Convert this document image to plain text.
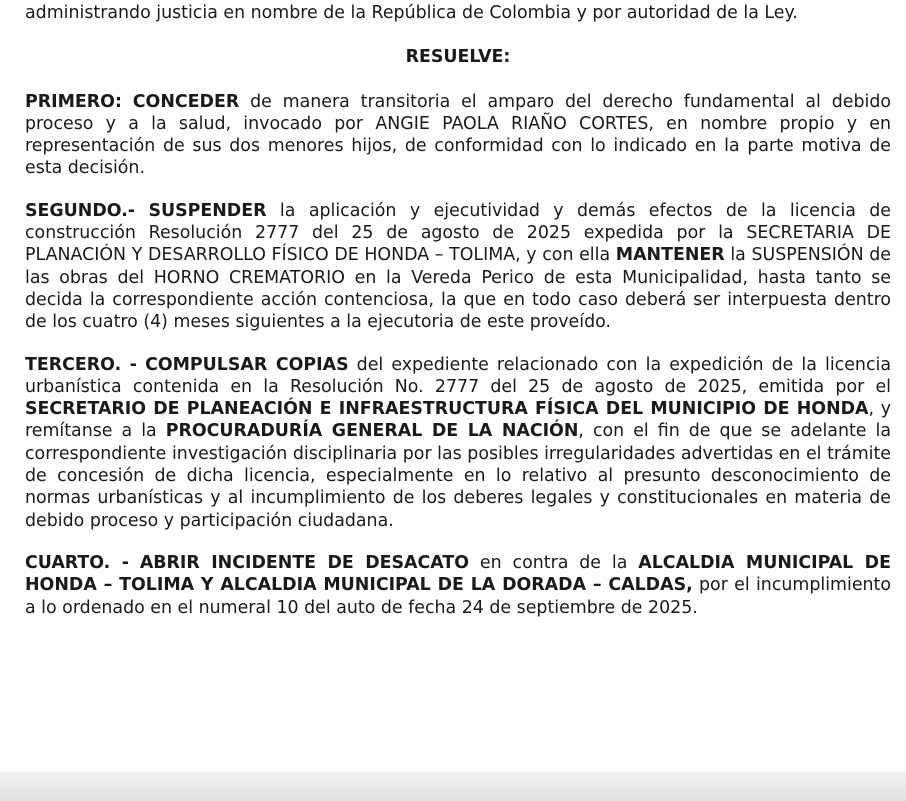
administrando justicia en nombre de la República de Colombia y por autoridad de la Ley.

RESUELVE:

PRIMERO: CONCEDER de manera transitoria el amparo del derecho fundamental al debido proceso y a la salud, invocado por ANGIE PAOLA RIAÑO CORTES, en nombre propio y en representación de sus dos menores hijos, de conformidad con lo indicado en la parte motiva de esta decisión.

SEGUNDO.- SUSPENDER la aplicación y ejecutividad y demás efectos de la licencia de construcción Resolución 2777 del 25 de agosto de 2025 expedida por la SECRETARIA DE PLANACIÓN Y DESARROLLO FÍSICO DE HONDA – TOLIMA, y con ella MANTENER la SUSPENSIÓN de las obras del HORNO CREMATORIO en la Vereda Perico de esta Municipalidad, hasta tanto se decida la correspondiente acción contenciosa, la que en todo caso deberá ser interpuesta dentro de los cuatro (4) meses siguientes a la ejecutoria de este proveído.

TERCERO. - COMPULSAR COPIAS del expediente relacionado con la expedición de la licencia urbanística contenida en la Resolución No. 2777 del 25 de agosto de 2025, emitida por el SECRETARIO DE PLANEACIÓN E INFRAESTRUCTURA FÍSICA DEL MUNICIPIO DE HONDA, y remítanse a la PROCURADURÍA GENERAL DE LA NACIÓN, con el fin de que se adelante la correspondiente investigación disciplinaria por las posibles irregularidades advertidas en el trámite de concesión de dicha licencia, especialmente en lo relativo al presunto desconocimiento de normas urbanísticas y al incumplimiento de los deberes legales y constitucionales en materia de debido proceso y participación ciudadana.

CUARTO. - ABRIR INCIDENTE DE DESACATO en contra de la ALCALDIA MUNICIPAL DE HONDA – TOLIMA Y ALCALDIA MUNICIPAL DE LA DORADA – CALDAS, por el incumplimiento a lo ordenado en el numeral 10 del auto de fecha 24 de septiembre de 2025.
